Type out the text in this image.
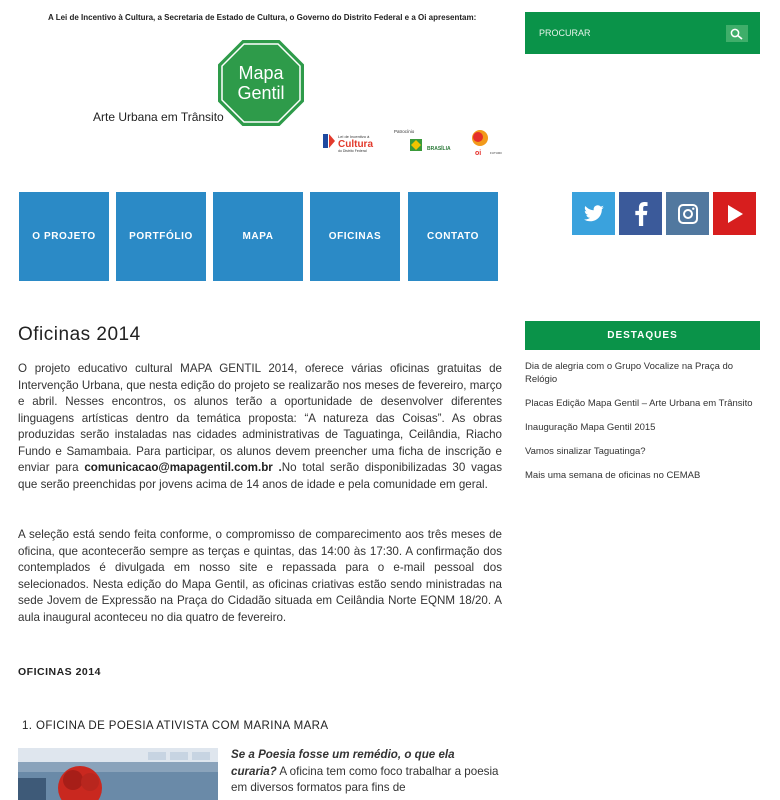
A Lei de Incentivo à Cultura, a Secretaria de Estado de Cultura, o Governo do Distrito Federal e a Oi apresentam:
Mapa
Gentil
Arte Urbana em Trânsito
Lei de Incentivo à
Cultura
do Distrito Federal
Patrocínio
BRASÍLIA
oi	FUTURO
PROCURAR
O PROJETO	PORTFÓLIO	MAPA	OFICINAS	CONTATO
Oficinas 2014
O projeto educativo cultural MAPA GENTIL 2014, oferece várias oficinas gratuitas de Intervenção Urbana, que nesta edição do projeto se realizarão nos meses de fevereiro, março e abril. Nesses encontros, os alunos terão a oportunidade de desenvolver diferentes linguagens artísticas dentro da temática proposta: “A natureza das Coisas”. As obras produzidas serão instaladas nas cidades administrativas de Taguatinga, Ceilândia, Riacho Fundo e Samambaia. Para participar, os alunos devem preencher uma ficha de inscrição e enviar para comunicacao@mapagentil.com.br .No total serão disponibilizadas 30 vagas que serão preenchidas por jovens acima de 14 anos de idade e pela comunidade em geral.
A seleção está sendo feita conforme, o compromisso de comparecimento aos três meses de oficina, que acontecerão sempre as terças e quintas, das 14:00 às 17:30. A confirmação dos contemplados é divulgada em nosso site e repassada para o e-mail pessoal dos selecionados. Nesta edição do Mapa Gentil, as oficinas criativas estão sendo ministradas na sede Jovem de Expressão na Praça do Cidadão situada em Ceilândia Norte EQNM 18/20. A aula inaugural aconteceu no dia quatro de fevereiro.
OFICINAS 2014
1. OFICINA DE POESIA ATIVISTA COM MARINA MARA
Se a Poesia fosse um remédio, o que ela curaria? A oficina tem como foco trabalhar a poesia em diversos formatos para fins de
DESTAQUES
Dia de alegria com o Grupo Vocalize na Praça do Relógio
Placas Edição Mapa Gentil – Arte Urbana em Trânsito
Inauguração Mapa Gentil 2015
Vamos sinalizar Taguatinga?
Mais uma semana de oficinas no CEMAB
